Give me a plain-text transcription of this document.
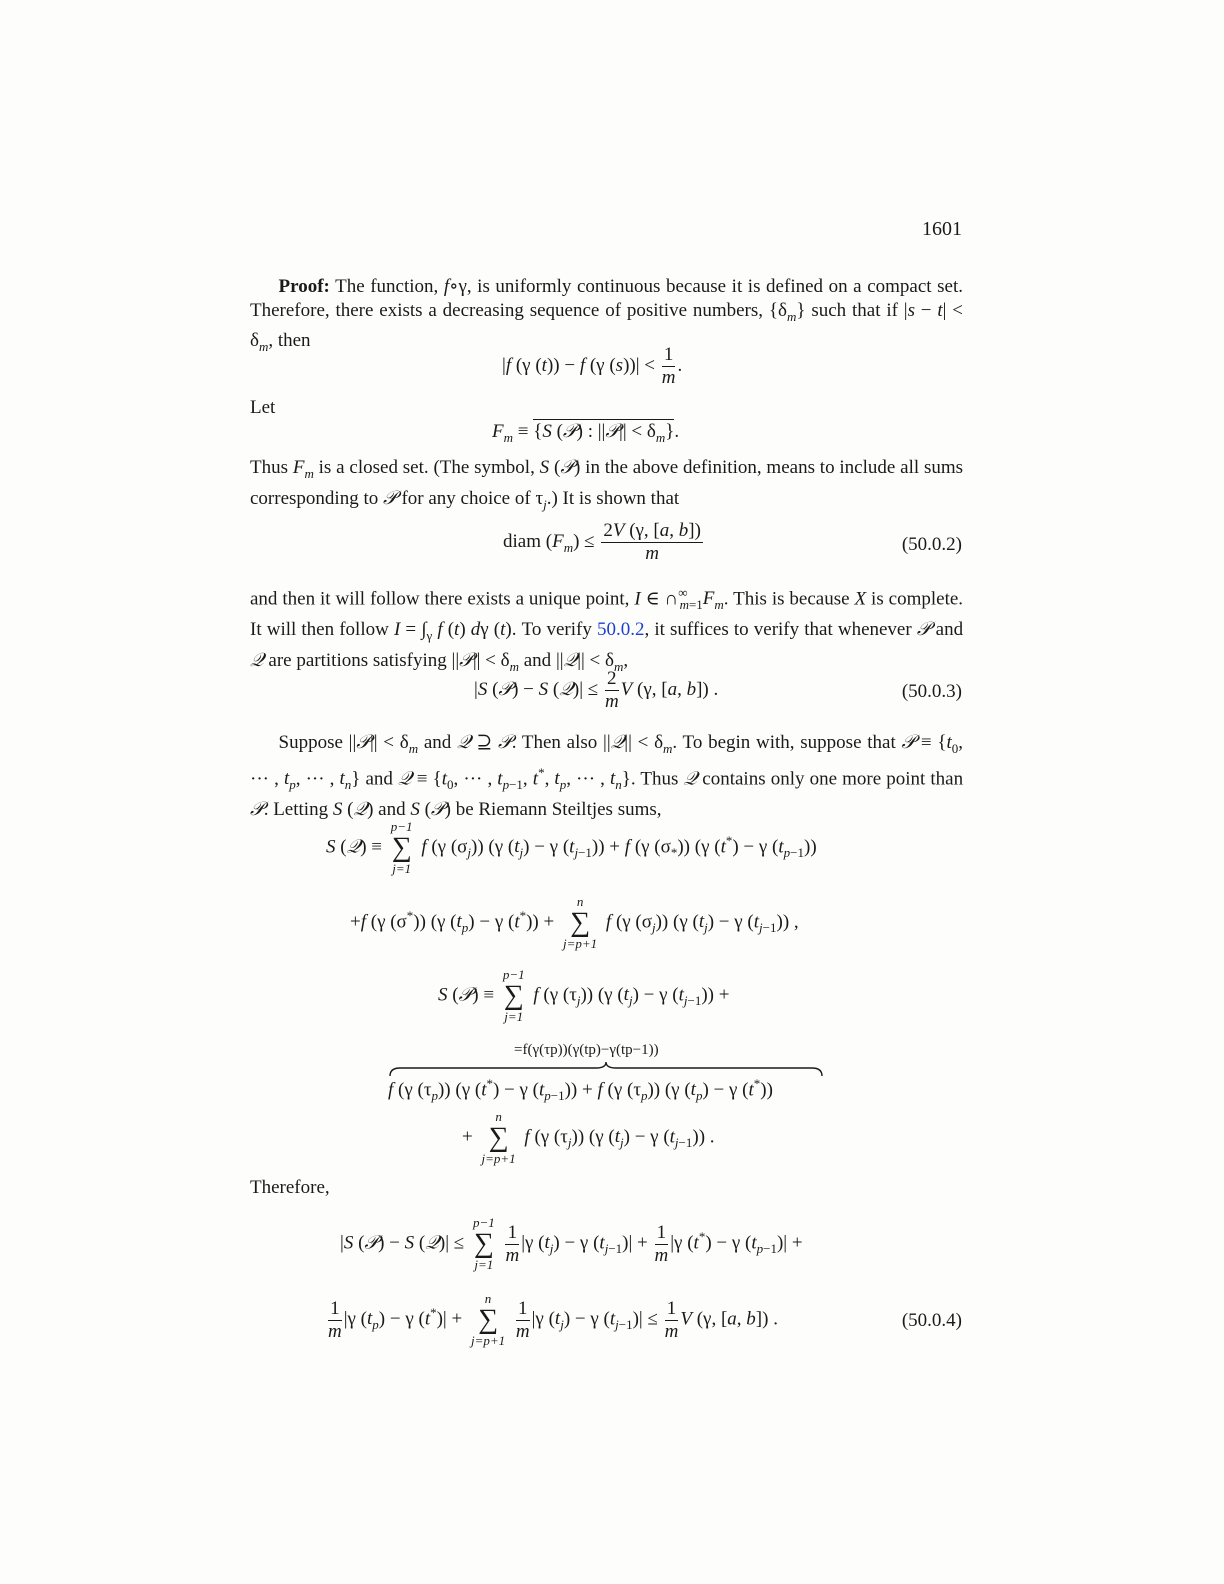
1601
  Proof: The function, f∘γ, is uniformly continuous because it is defined on a compact set. Therefore, there exists a decreasing sequence of positive numbers, $\{\delta_m\}$ such that if $|s - t| < \delta_m$, then
|f (γ (t)) − f (γ $(s))| < \frac{1}{m}$ .
Let
$F_m \equiv \{S$ (𝒫) : ||𝒫|| < $\delta_m$}.
Thus $F_m$ is a closed set. (The symbol, S (𝒫) in the above definition, means to include all sums corresponding to 𝒫 for any choice of $\tau_j$.) It is shown that
diam $(F_m) \le \frac{2V (\gamma, [a, b])}{m}$	(50.0.2)
and then it will follow there exists a unique point, I ∈ $\cap^\infty_{m=1}F_m$. This is because X is complete. It will then follow $I = \int_\gamma$ f (t) dγ (t). To verify 50.0.2, it suffices to verify that whenever 𝒫 and 𝒬 are partitions satisfying ||𝒫|| < $\delta_m$ and ||𝒬|| < $\delta_m$,
|S (𝒫) − S (𝒬)| ≤ $\frac{2}{m}$ V (γ, [a, b]) .	(50.0.3)
  Suppose ||𝒫|| < $\delta_m$ and 𝒬 ⊇ 𝒫. Then also ||𝒬|| < $\delta_m$. To begin with, suppose that 𝒫 ≡ {$t_0$, ··· , $t_p$, ··· , $t_n$} and 𝒬 ≡ {$t_0$, ··· , $t_{p-1}$, t*, $t_p$, ··· , $t_n$}. Thus 𝒬 contains only one more point than 𝒫. Letting S (𝒬) and S (𝒫) be Riemann Steiltjes sums,
S (𝒬) ≡
p−1
∑
j=1
f (γ $(\sigma_j)$) (γ $(t_j) - \gamma$ $(t_{j-1})) + f$ (γ $(\sigma_*)$) (γ (t*) − γ $(t_{p-1})$)
+f (γ (σ*)) (γ $(t_p) - \gamma$ (t*)) +
n
∑
j=p+1
f (γ $(\sigma_j)$) (γ $(t_j) - \gamma$ $(t_{j-1})$) ,
S (𝒫) ≡
p−1
∑
j=1
f (γ $(\tau_j)$) (γ $(t_j) - \gamma$ $(t_{j-1})$) +
=f(γ(τp))(γ(tp)−γ(tp−1))
f (γ $(\tau_p)$) (γ (t*) − γ $(t_{p-1})) + f$ (γ $(\tau_p)$) (γ $(t_p) - \gamma$ (t*))
+
n
∑
j=p+1
f (γ $(\tau_j)$) (γ $(t_j) - \gamma$ $(t_{j-1})$) .
Therefore,
|S (𝒫) − S (𝒬)| ≤
p−1
∑
j=1
$\frac{1}{m} |\gamma$ $(t_j) - \gamma$ $(t_{j-1})| + \frac{1}{m} |\gamma$ (t*) − γ $(t_{p-1})|$ +
$\frac{1}{m} |\gamma$ $(t_p) - \gamma$ (t*)| +
n
∑
j=p+1
$\frac{1}{m} |\gamma$ $(t_j) - \gamma$ $(t_{j-1})| \le \frac{1}{m}$ V (γ, [a, b]) .	(50.0.4)
